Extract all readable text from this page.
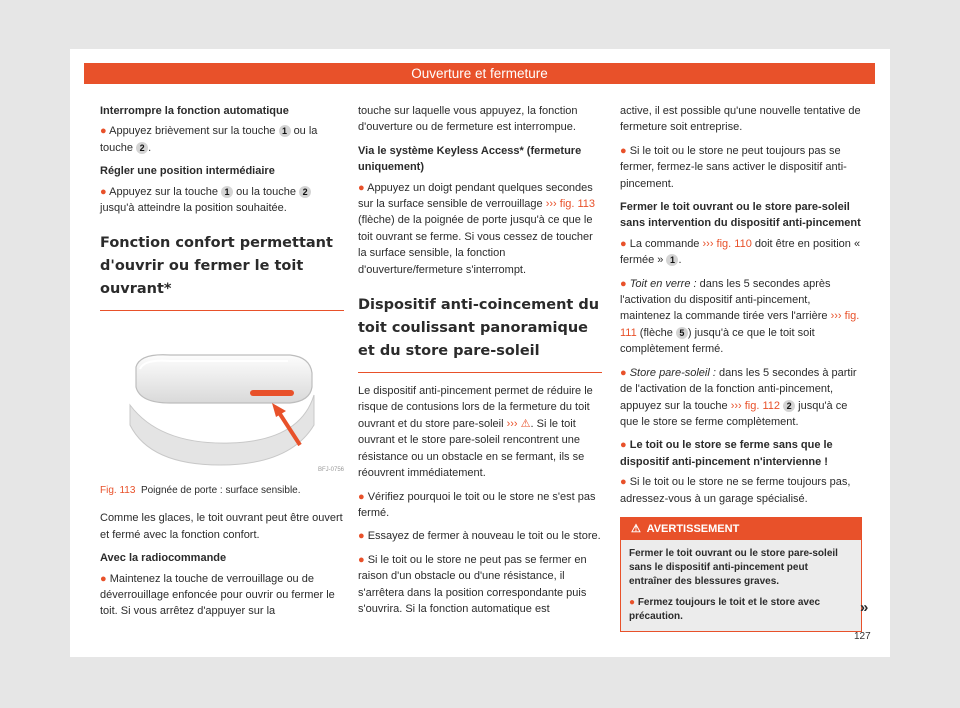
Ouverture et fermeture

Interrompre la fonction automatique

● Appuyez brièvement sur la touche 1 ou la touche 2 .

Régler une position intermédiaire

● Appuyez sur la touche 1 ou la touche 2 jusqu'à atteindre la position souhaitée.

Fonction confort permettant d'ouvrir ou fermer le toit ouvrant*
BFJ-0756

Fig. 113 Poignée de porte : surface sensible.

Comme les glaces, le toit ouvrant peut être ouvert et fermé avec la fonction confort.

Avec la radiocommande

● Maintenez la touche de verrouillage ou de déverrouillage enfoncée pour ouvrir ou fermer le toit. Si vous arrêtez d'appuyer sur la

touche sur laquelle vous appuyez, la fonction d'ouverture ou de fermeture est interrompue.

Via le système Keyless Access* (fermeture uniquement)

● Appuyez un doigt pendant quelques secondes sur la surface sensible de verrouillage ››› fig. 113 (flèche) de la poignée de porte jusqu'à ce que le toit ouvrant se ferme. Si vous cessez de toucher la surface sensible, la fonction d'ouverture/fermeture s'interrompt.

Dispositif anti-coincement du toit coulissant panoramique et du store pare-soleil

Le dispositif anti-pincement permet de réduire le risque de contusions lors de la fermeture du toit ouvrant et du store pare-soleil ››› ⚠. Si le toit ouvrant et le store pare-soleil rencontrent une résistance ou un obstacle en se fermant, ils se réouvrent immédiatement.

● Vérifiez pourquoi le toit ou le store ne s'est pas fermé.

● Essayez de fermer à nouveau le toit ou le store.

● Si le toit ou le store ne peut pas se fermer en raison d'un obstacle ou d'une résistance, il s'arrêtera dans la position correspondante puis s'ouvrira. Si la fonction automatique est

active, il est possible qu'une nouvelle tentative de fermeture soit entreprise.

● Si le toit ou le store ne peut toujours pas se fermer, fermez-le sans activer le dispositif anti-pincement.

Fermer le toit ouvrant ou le store pare-soleil sans intervention du dispositif anti-pincement

● La commande ››› fig. 110 doit être en position « fermée » 1 .

● Toit en verre : dans les 5 secondes après l'activation du dispositif anti-pincement, maintenez la commande tirée vers l'arrière ››› fig. 111 (flèche 5 ) jusqu'à ce que le toit soit complètement fermé.

● Store pare-soleil : dans les 5 secondes à partir de l'activation de la fonction anti-pincement, appuyez sur la touche ››› fig. 112 2 jusqu'à ce que le store se ferme complètement.

● Le toit ou le store se ferme sans que le dispositif anti-pincement n'intervienne !

● Si le toit ou le store ne se ferme toujours pas, adressez-vous à un garage spécialisé.

⚠ AVERTISSEMENT

Fermer le toit ouvrant ou le store pare-soleil sans le dispositif anti-pincement peut entraîner des blessures graves.

● Fermez toujours le toit et le store avec précaution.

»
127
